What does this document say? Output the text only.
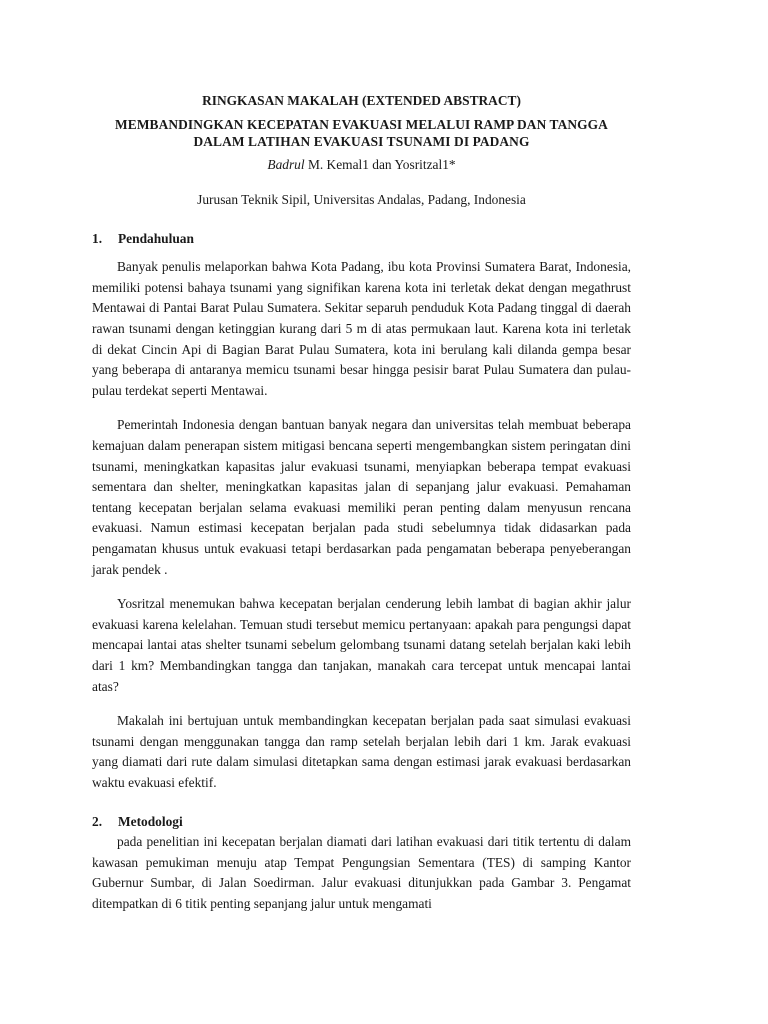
RINGKASAN MAKALAH (EXTENDED ABSTRACT)
MEMBANDINGKAN KECEPATAN EVAKUASI MELALUI RAMP DAN TANGGA DALAM LATIHAN EVAKUASI TSUNAMI DI PADANG
Badrul M. Kemal1 dan Yosritzal1*
Jurusan Teknik Sipil, Universitas Andalas, Padang, Indonesia
1.	Pendahuluan

Banyak penulis melaporkan bahwa Kota Padang, ibu kota Provinsi Sumatera Barat, Indonesia, memiliki potensi bahaya tsunami yang signifikan karena kota ini terletak dekat dengan megathrust Mentawai di Pantai Barat Pulau Sumatera. Sekitar separuh penduduk Kota Padang tinggal di daerah rawan tsunami dengan ketinggian kurang dari 5 m di atas permukaan laut. Karena kota ini terletak di dekat Cincin Api di Bagian Barat Pulau Sumatera, kota ini berulang kali dilanda gempa besar yang beberapa di antaranya memicu tsunami besar hingga pesisir barat Pulau Sumatera dan pulau-pulau terdekat seperti Mentawai.

Pemerintah Indonesia dengan bantuan banyak negara dan universitas telah membuat beberapa kemajuan dalam penerapan sistem mitigasi bencana seperti mengembangkan sistem peringatan dini tsunami, meningkatkan kapasitas jalur evakuasi tsunami, menyiapkan beberapa tempat evakuasi sementara dan shelter, meningkatkan kapasitas jalan di sepanjang jalur evakuasi. Pemahaman tentang kecepatan berjalan selama evakuasi memiliki peran penting dalam menyusun rencana evakuasi. Namun estimasi kecepatan berjalan pada studi sebelumnya tidak didasarkan pada pengamatan khusus untuk evakuasi tetapi berdasarkan pada pengamatan beberapa penyeberangan jarak pendek .

Yosritzal menemukan bahwa kecepatan berjalan cenderung lebih lambat di bagian akhir jalur evakuasi karena kelelahan. Temuan studi tersebut memicu pertanyaan: apakah para pengungsi dapat mencapai lantai atas shelter tsunami sebelum gelombang tsunami datang setelah berjalan kaki lebih dari 1 km? Membandingkan tangga dan tanjakan, manakah cara tercepat untuk mencapai lantai atas?

Makalah ini bertujuan untuk membandingkan kecepatan berjalan pada saat simulasi evakuasi tsunami dengan menggunakan tangga dan ramp setelah berjalan lebih dari 1 km. Jarak evakuasi yang diamati dari rute dalam simulasi ditetapkan sama dengan estimasi jarak evakuasi berdasarkan waktu evakuasi efektif.

2.	Metodologi

pada penelitian ini kecepatan berjalan diamati dari latihan evakuasi dari titik tertentu di dalam kawasan pemukiman menuju atap Tempat Pengungsian Sementara (TES) di samping Kantor Gubernur Sumbar, di Jalan Soedirman. Jalur evakuasi ditunjukkan pada Gambar 3. Pengamat ditempatkan di 6 titik penting sepanjang jalur untuk mengamati
